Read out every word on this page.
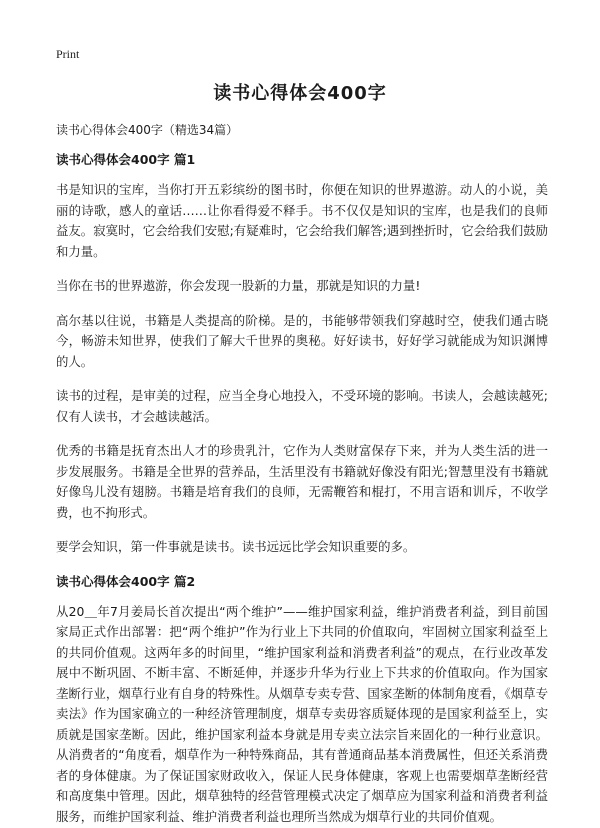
Print
读书心得体会400字
读书心得体会400字（精选34篇）

读书心得体会400字 篇1

书是知识的宝库，当你打开五彩缤纷的图书时，你便在知识的世界遨游。动人的小说，美丽的诗歌，感人的童话……让你看得爱不释手。书不仅仅是知识的宝库，也是我们的良师益友。寂寞时，它会给我们安慰;有疑难时，它会给我们解答;遇到挫折时，它会给我们鼓励和力量。

当你在书的世界遨游，你会发现一股新的力量，那就是知识的力量!

高尔基以往说，书籍是人类提高的阶梯。是的，书能够带领我们穿越时空，使我们通古晓今，畅游未知世界，使我们了解大千世界的奥秘。好好读书，好好学习就能成为知识渊博的人。

读书的过程，是审美的过程，应当全身心地投入，不受环境的影响。书读人，会越读越死;仅有人读书，才会越读越活。

优秀的书籍是抚育杰出人才的珍贵乳汁，它作为人类财富保存下来，并为人类生活的进一步发展服务。书籍是全世界的营养品，生活里没有书籍就好像没有阳光;智慧里没有书籍就好像鸟儿没有翅膀。书籍是培育我们的良师，无需鞭笞和棍打，不用言语和训斥，不收学费，也不拘形式。

要学会知识，第一件事就是读书。读书远远比学会知识重要的多。

读书心得体会400字 篇2

从20＿年7月姜局长首次提出“两个维护”——维护国家利益，维护消费者利益，到目前国家局正式作出部署：把“两个维护”作为行业上下共同的价值取向，牢固树立国家利益至上的共同价值观。这两年多的时间里，“维护国家利益和消费者利益”的观点，在行业改革发展中不断巩固、不断丰富、不断延伸，并逐步升华为行业上下共求的价值取向。作为国家垄断行业，烟草行业有自身的特殊性。从烟草专卖专营、国家垄断的体制角度看，《烟草专卖法》作为国家确立的一种经济管理制度，烟草专卖毋容质疑体现的是国家利益至上，实质就是国家垄断。因此，维护国家利益本身就是用专卖立法宗旨来固化的一种行业意识。从消费者的“角度看，烟草作为一种特殊商品，其有普通商品基本消费属性，但还关系消费者的身体健康。为了保证国家财政收入，保证人民身体健康，客观上也需要烟草垄断经营和高度集中管理。因此，烟草独特的经营管理模式决定了烟草应为国家利益和消费者利益服务，而维护国家利益、维护消费者利益也理所当然成为烟草行业的共同价值观。
